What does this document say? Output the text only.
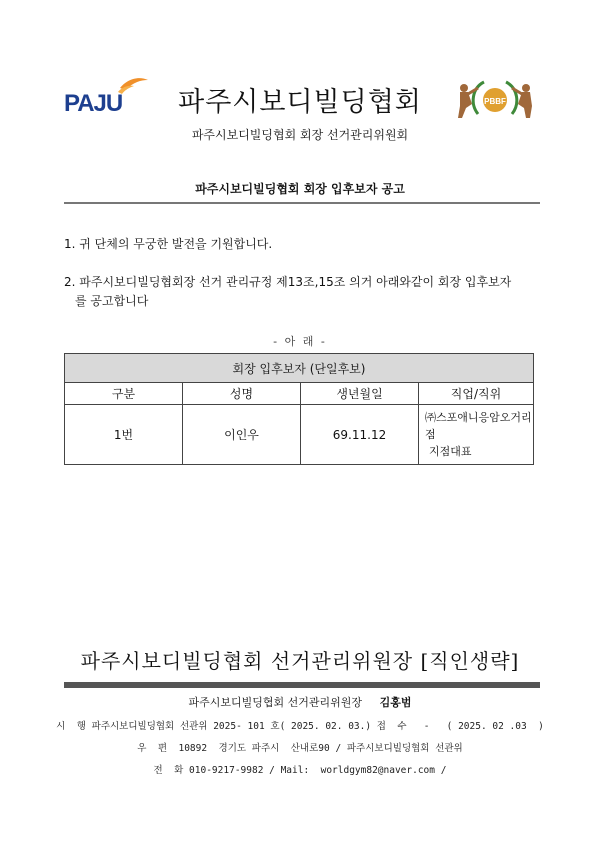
PAJU	파주시보디빌딩협회	PBBF
파주시보디빌딩협회 회장 선거관리위원회
파주시보디빌딩협회 회장 입후보자 공고
1. 귀 단체의 무궁한 발전을 기원합니다.
2. 파주시보디빌딩협회장 선거 관리규정 제13조,15조 의거 아래와같이 회장 입후보자
를 공고합니다
- 아 래 -
회장 입후보자 (단일후보)			
구분	성명	생년월일	직업/직위
1번	이인우	69.11.12	㈜스포애니응암오거리점
지점대표
파주시보디빌딩협회 선거관리위원장 [직인생략]
파주시보디빌딩협회 선거관리위원장 김홍범
시  행 파주시보디빌딩협회 선관위 2025- 101 호( 2025. 02. 03.) 접  수   -   ( 2025. 02 .03  )
우  편  10892  경기도 파주시  산내로90 / 파주시보디빌딩협회 선관위
전  화 010-9217-9982 / Mail:  worldgym82@naver.com /
